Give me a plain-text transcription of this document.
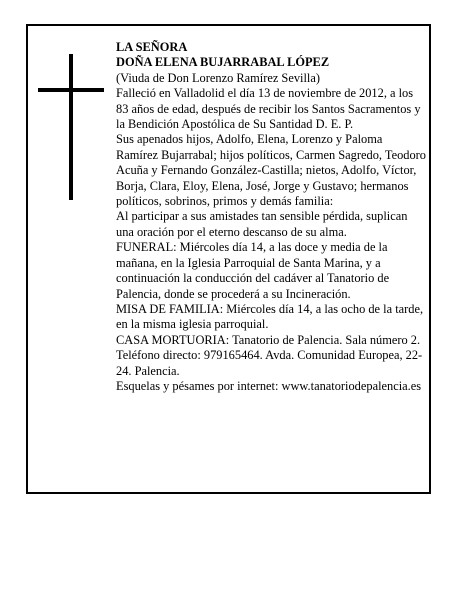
LA SEÑORA

DOÑA ELENA BUJARRABAL LÓPEZ

(Viuda de Don Lorenzo Ramírez Sevilla)

Falleció en Valladolid el día 13 de noviembre de 2012, a los 83 años de edad, después de recibir los Santos Sacramentos y la Bendición Apostólica de Su Santidad D. E. P.

Sus apenados hijos, Adolfo, Elena, Lorenzo y Paloma Ramírez Bujarrabal; hijos políticos, Carmen Sagredo, Teodoro Acuña y Fernando González-Castilla; nietos, Adolfo, Víctor, Borja, Clara, Eloy, Elena, José, Jorge y Gustavo; hermanos políticos, sobrinos, primos y demás familia:

Al participar a sus amistades tan sensible pérdida, suplican una oración por el eterno descanso de su alma.

FUNERAL: Miércoles día 14, a las doce y media de la mañana, en la Iglesia Parroquial de Santa Marina, y a continuación la conducción del cadáver al Tanatorio de Palencia, donde se procederá a su Incineración.

MISA DE FAMILIA: Miércoles día 14, a las ocho de la tarde, en la misma iglesia parroquial.

CASA MORTUORIA: Tanatorio de Palencia. Sala número 2. Teléfono directo: 979165464. Avda. Comunidad Europea, 22-24. Palencia.

Esquelas y pésames por internet: www.tanatoriodepalencia.es
